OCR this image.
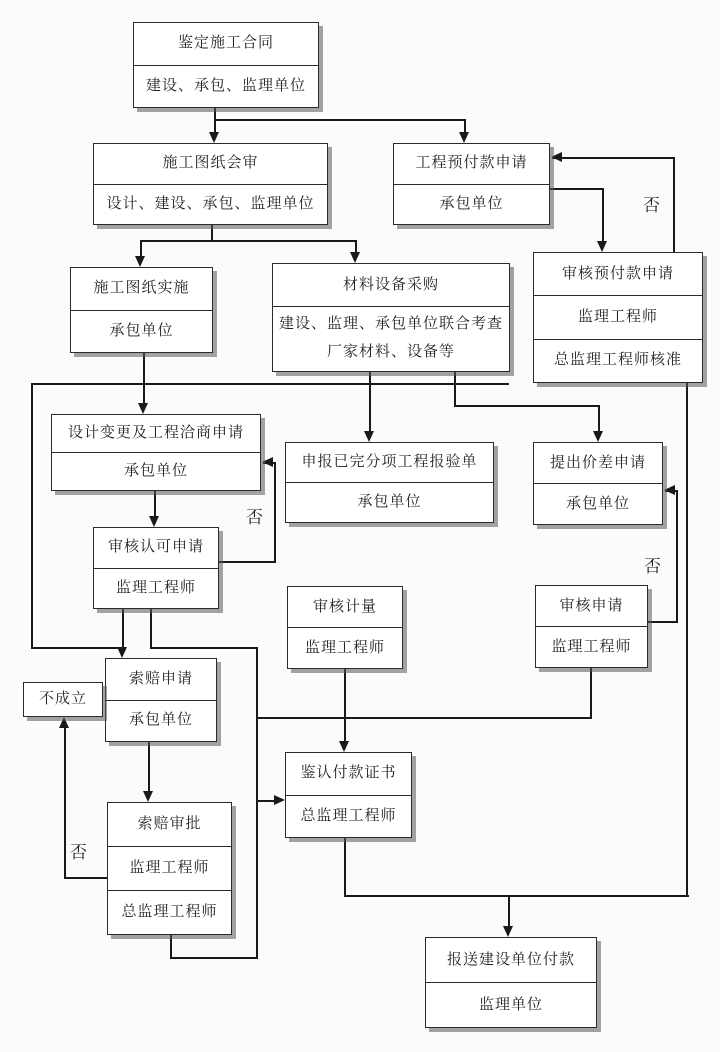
否
否
否
否
鉴定施工合同
建设、承包、监理单位
施工图纸会审
设计、建设、承包、监理单位
工程预付款申请
承包单位
审核预付款申请
监理工程师
总监理工程师核准
施工图纸实施
承包单位
材料设备采购
建设、监理、承包单位联合考查厂家材料、设备等
设计变更及工程洽商申请
承包单位
申报已完分项工程报验单
承包单位
提出价差申请
承包单位
审核认可申请
监理工程师
审核计量
监理工程师
审核申请
监理工程师
索赔申请
承包单位
不成立
索赔审批
监理工程师
总监理工程师
鉴认付款证书
总监理工程师
报送建设单位付款
监理单位
